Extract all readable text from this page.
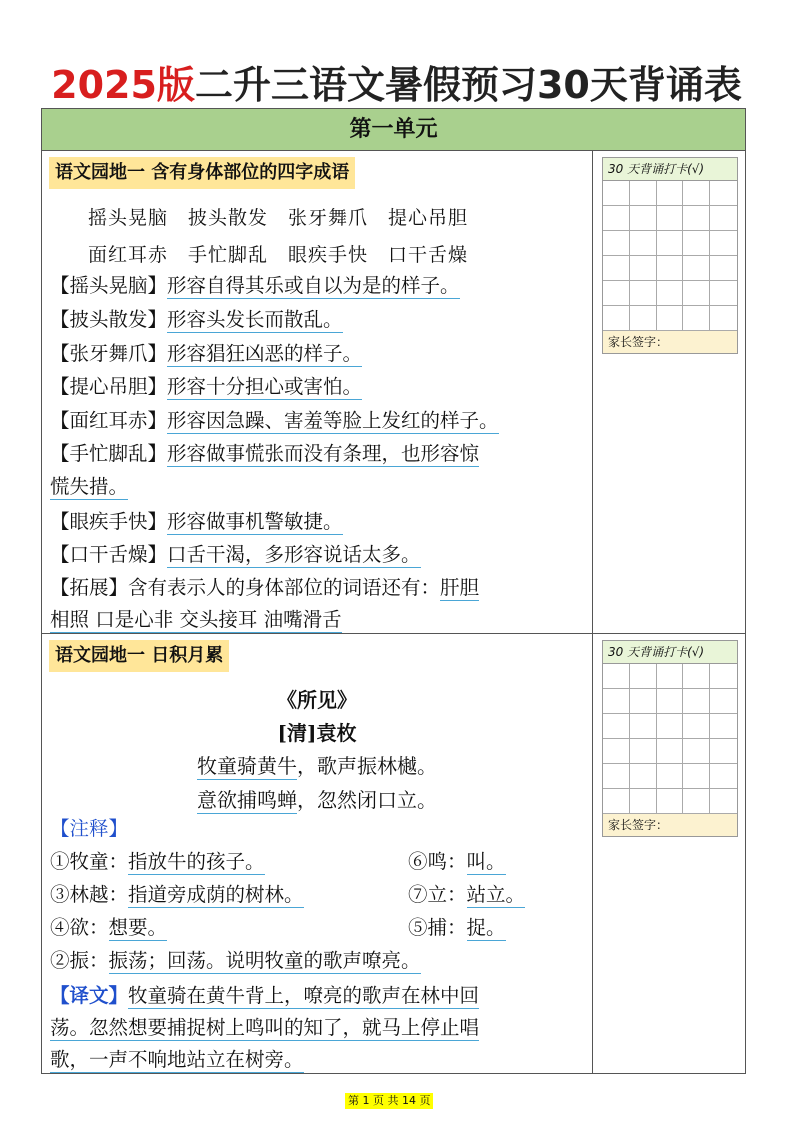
2025版二升三语文暑假预习30天背诵表
第一单元
语文园地一 含有身体部位的四字成语
摇头晃脑 披头散发 张牙舞爪 提心吊胆
面红耳赤 手忙脚乱 眼疾手快 口干舌燥
【摇头晃脑】形容自得其乐或自以为是的样子。
【披头散发】形容头发长而散乱。
【张牙舞爪】形容猖狂凶恶的样子。
【提心吊胆】形容十分担心或害怕。
【面红耳赤】形容因急躁、害羞等脸上发红的样子。
【手忙脚乱】形容做事慌张而没有条理，也形容惊
慌失措。
【眼疾手快】形容做事机警敏捷。
【口干舌燥】口舌干渴，多形容说话太多。
【拓展】含有表示人的身体部位的词语还有：肝胆
相照 口是心非 交头接耳 油嘴滑舌
30 天背诵打卡(√)
家长签字：
语文园地一 日积月累
《所见》
[清]袁枚
牧童骑黄牛，歌声振林樾。
意欲捕鸣蝉，忽然闭口立。
【注释】
①牧童：指放牛的孩子。	⑥鸣：叫。
③林越：指道旁成荫的树林。	⑦立：站立。
④欲：想要。	⑤捕：捉。
②振：振荡；回荡。说明牧童的歌声嘹亮。
【译文】牧童骑在黄牛背上，嘹亮的歌声在林中回
荡。忽然想要捕捉树上鸣叫的知了，就马上停止唱
歌，一声不响地站立在树旁。
30 天背诵打卡(√)
家长签字：
第 1 页 共 14 页
